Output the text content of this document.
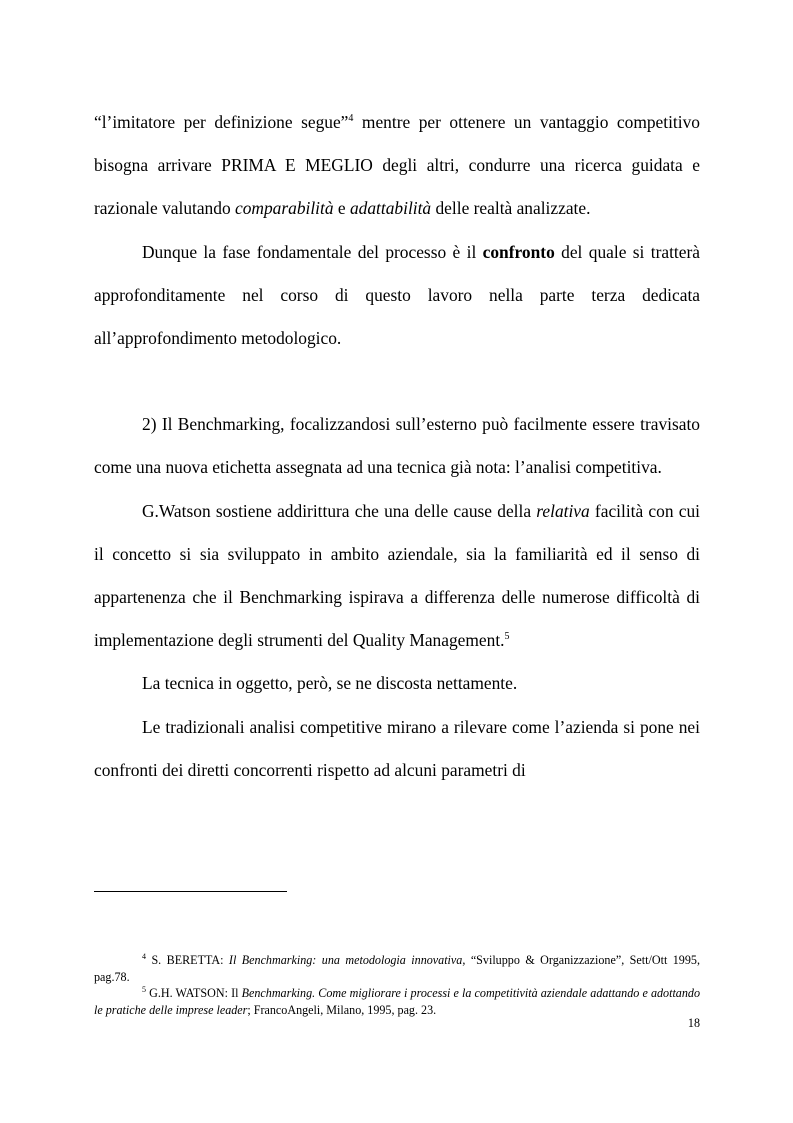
“l’imitatore per definizione segue”$^4$ mentre per ottenere un vantaggio competitivo bisogna arrivare PRIMA E MEGLIO degli altri, condurre una ricerca guidata e razionale valutando comparabilità e adattabilità delle realtà analizzate.

Dunque la fase fondamentale del processo è il confronto del quale si tratterà approfonditamente nel corso di questo lavoro nella parte terza dedicata all’approfondimento metodologico.

2) Il Benchmarking, focalizzandosi sull’esterno può facilmente essere travisato come una nuova etichetta assegnata ad una tecnica già nota: l’analisi competitiva.

G.Watson sostiene addirittura che una delle cause della relativa facilità con cui il concetto si sia sviluppato in ambito aziendale, sia la familiarità ed il senso di appartenenza che il Benchmarking ispirava a differenza delle numerose difficoltà di implementazione degli strumenti del Quality Management.$^5$

La tecnica in oggetto, però, se ne discosta nettamente.

Le tradizionali analisi competitive mirano a rilevare come l’azienda si pone nei confronti dei diretti concorrenti rispetto ad alcuni parametri di

$^4$ S. BERETTA: Il Benchmarking: una metodologia innovativa, “Sviluppo & Organizzazione”, Sett/Ott 1995, pag.78.

$^5$ G.H. WATSON: Il Benchmarking. Come migliorare i processi e la competitività aziendale adattando e adottando le pratiche delle imprese leader; FrancoAngeli, Milano, 1995, pag. 23.

18
